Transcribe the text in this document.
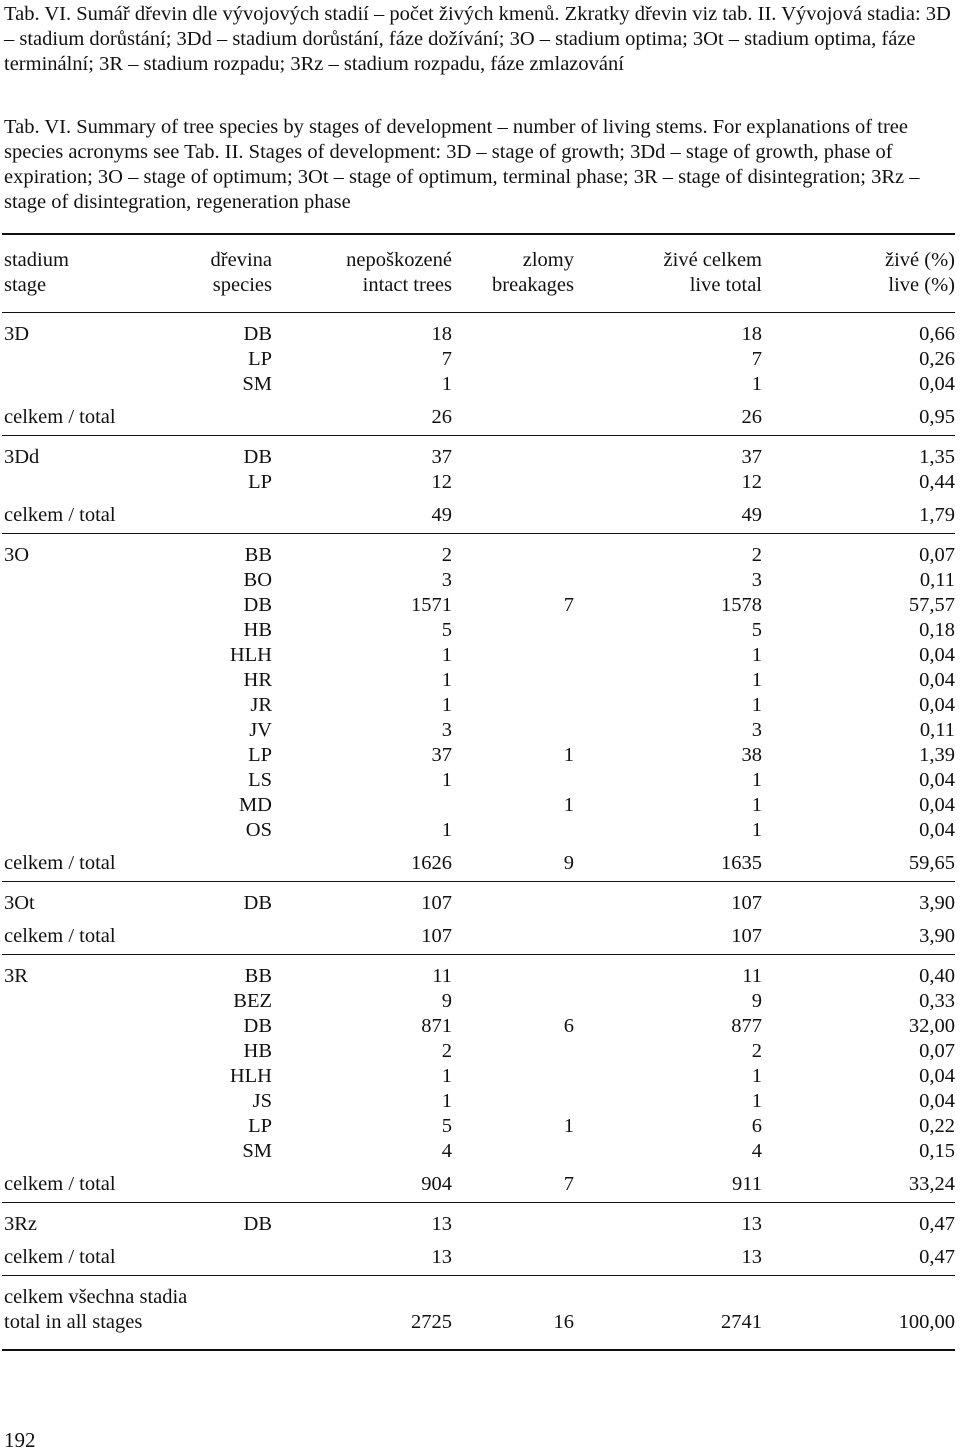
Tab. VI. Sumář dřevin dle vývojových stadií – počet živých kmenů. Zkratky dřevin viz tab. II. Vývojová stadia: 3D – stadium dorůstání; 3Dd – stadium dorůstání, fáze dožívání; 3O – stadium optima; 3Ot – stadium optima, fáze terminální; 3R – stadium rozpadu; 3Rz – stadium rozpadu, fáze zmlazování

Tab. VI. Summary of tree species by stages of development – number of living stems. For explanations of tree species acronyms see Tab. II. Stages of development: 3D – stage of growth; 3Dd – stage of growth, phase of expiration; 3O – stage of optimum; 3Ot – stage of optimum, terminal phase; 3R – stage of disintegration; 3Rz – stage of disintegration, regeneration phase

stadium	dřevina	nepoškozené	zlomy	živé celkem	živé (%)
stage	species	intact trees	breakages	live total	live (%)
3D	DB	18		18	0,66
	LP	7		7	0,26
	SM	1		1	0,04
celkem / total		26		26	0,95
3Dd	DB	37		37	1,35
	LP	12		12	0,44
celkem / total		49		49	1,79
3O	BB	2		2	0,07
	BO	3		3	0,11
	DB	1571	7	1578	57,57
	HB	5		5	0,18
	HLH	1		1	0,04
	HR	1		1	0,04
	JR	1		1	0,04
	JV	3		3	0,11
	LP	37	1	38	1,39
	LS	1		1	0,04
	MD		1	1	0,04
	OS	1		1	0,04
celkem / total		1626	9	1635	59,65
3Ot	DB	107		107	3,90
celkem / total		107		107	3,90
3R	BB	11		11	0,40
	BEZ	9		9	0,33
	DB	871	6	877	32,00
	HB	2		2	0,07
	HLH	1		1	0,04
	JS	1		1	0,04
	LP	5	1	6	0,22
	SM	4		4	0,15
celkem / total		904	7	911	33,24
3Rz	DB	13		13	0,47
celkem / total		13		13	0,47
celkem všechna stadia					
total in all stages		2725	16	2741	100,00
192
